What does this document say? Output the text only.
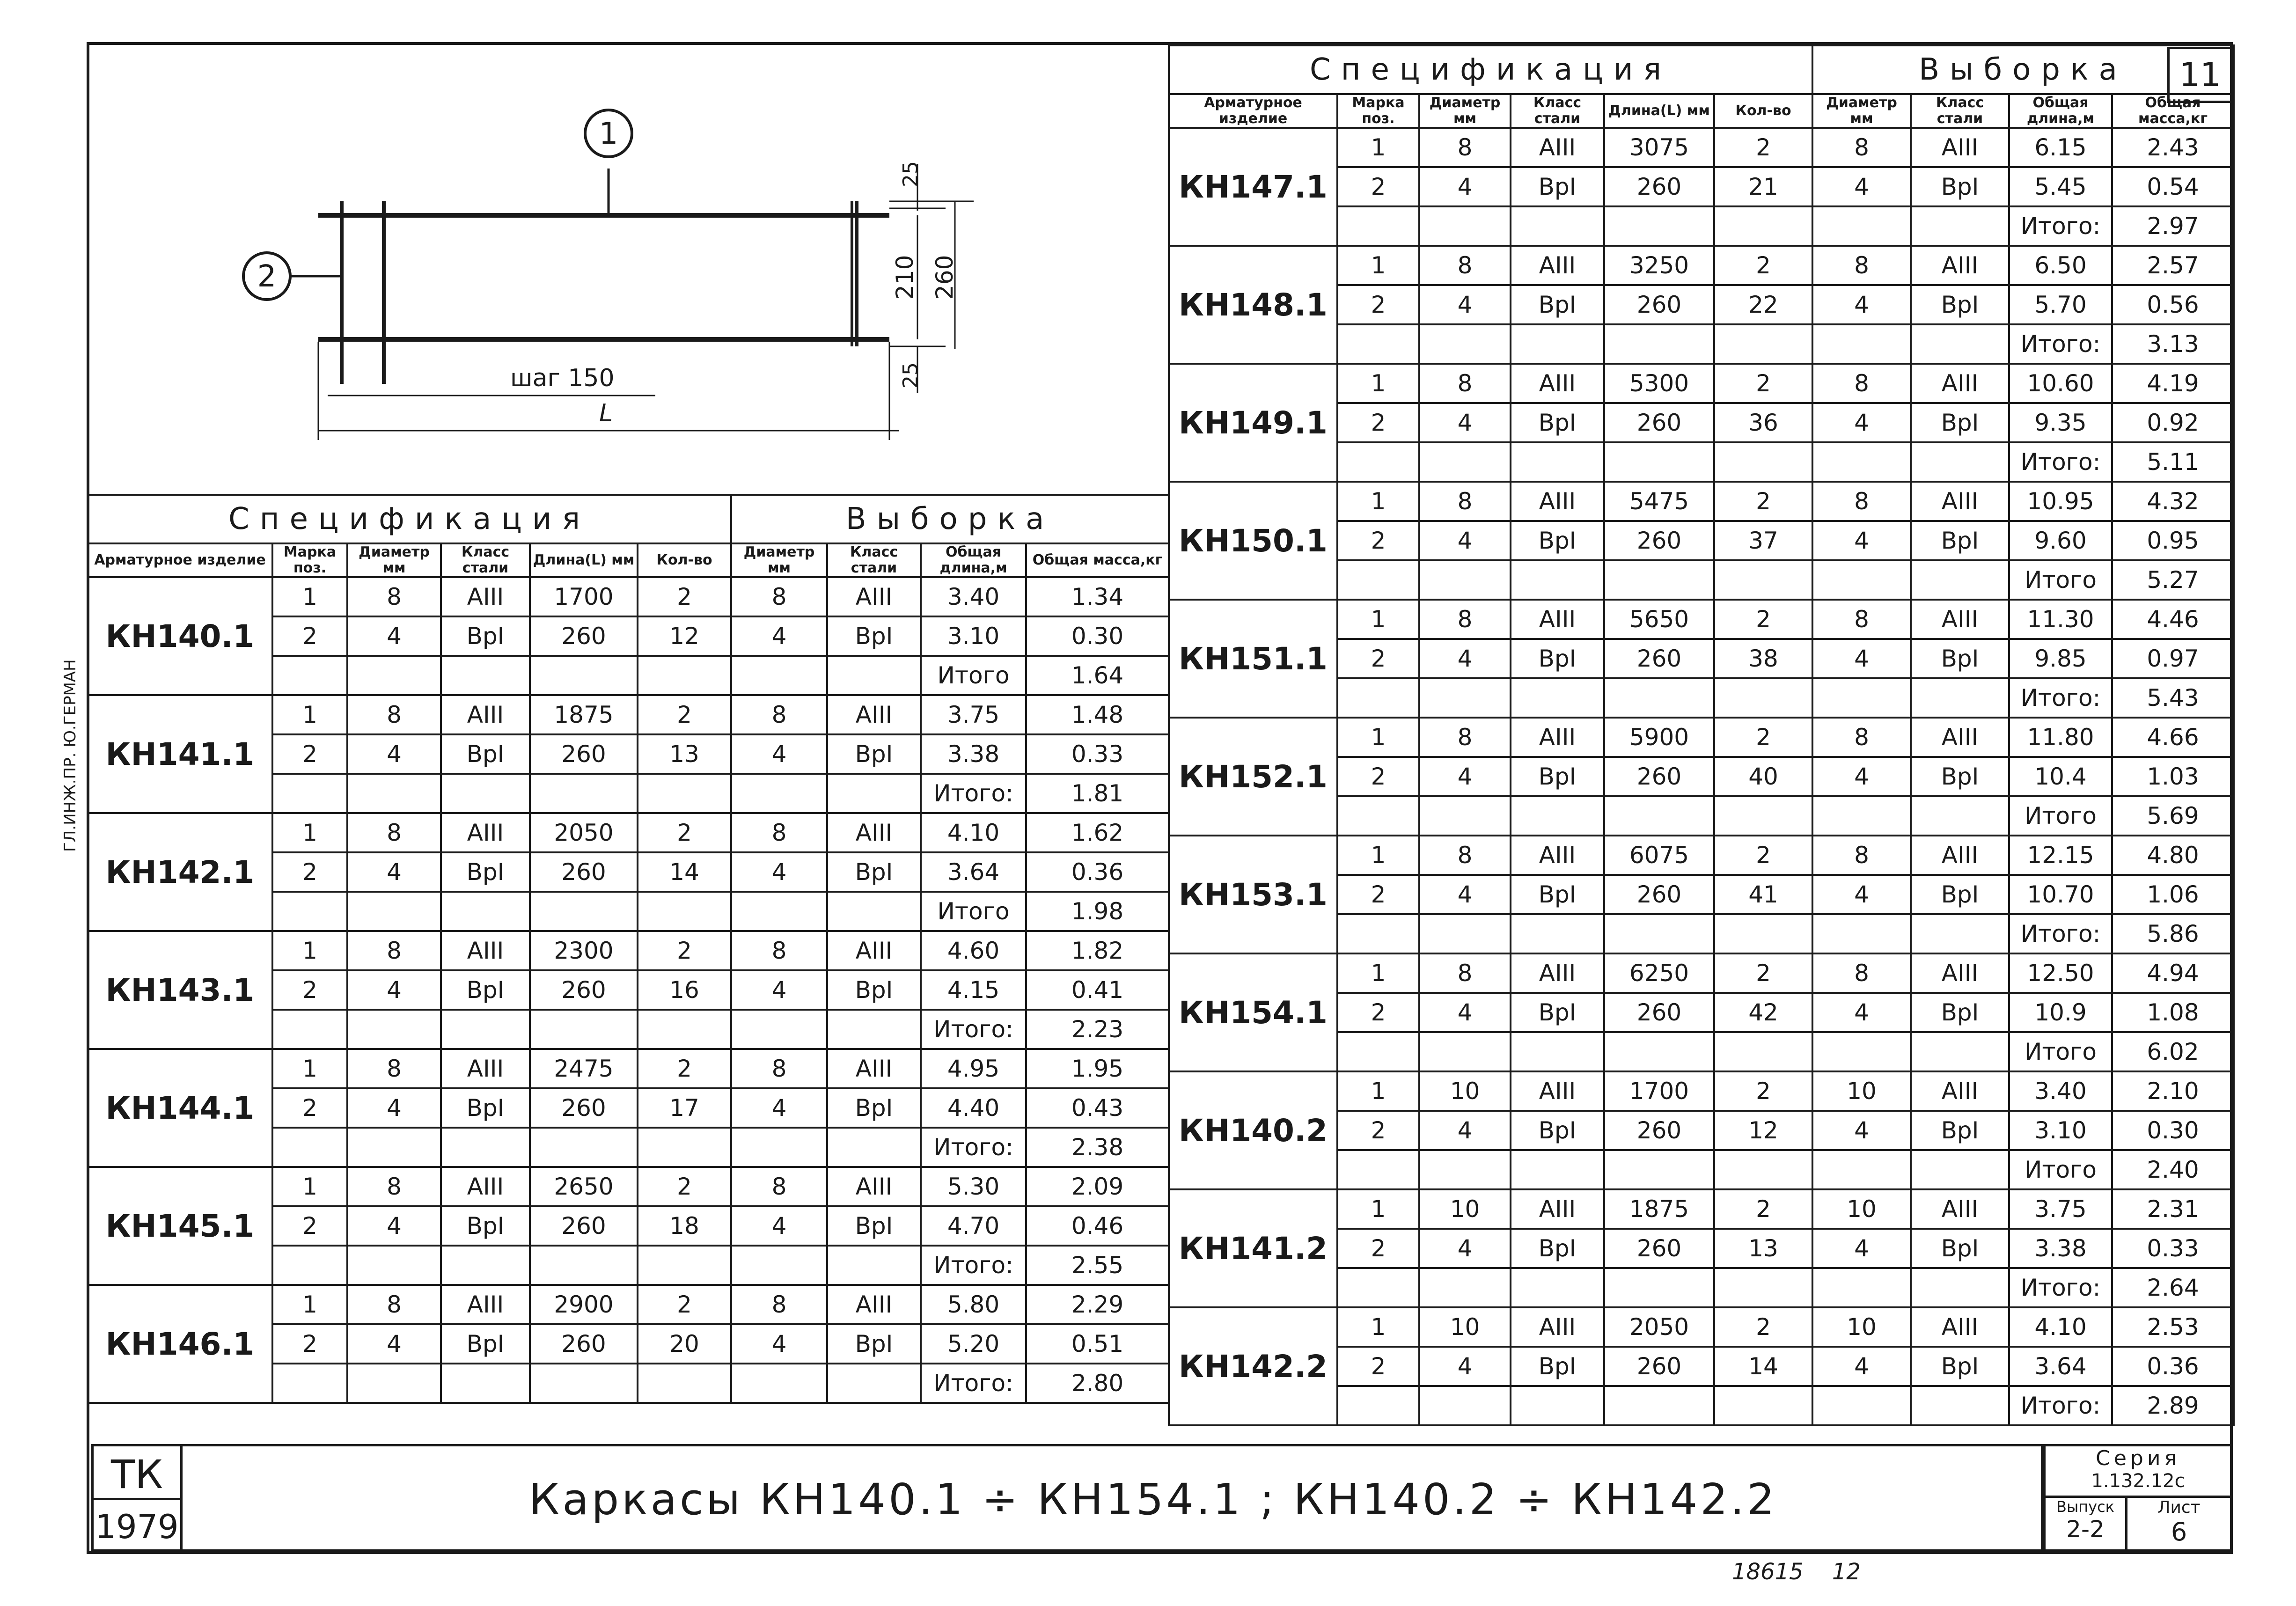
ГЛ.ИНЖ.ПР. Ю.ГЕРМАН
11
1
2
шаг 150
L
25
210 260
25
Спецификация						Выборка			
Арматурное изделие	Марка поз.	Диаметр мм	Класс стали	Длина(L) мм	Кол-во	Диаметр мм	Класс стали	Общая длина,м	Общая масса,кг
КН140.1	1	8	AIII	1700	2	8	AIII	3.40	1.34
	2	4	BpI	260	12	4	BpI	3.10	0.30
								Итого	1.64
КН141.1	1	8	AIII	1875	2	8	AIII	3.75	1.48
	2	4	BpI	260	13	4	BpI	3.38	0.33
								Итого:	1.81
КН142.1	1	8	AIII	2050	2	8	AIII	4.10	1.62
	2	4	BpI	260	14	4	BpI	3.64	0.36
								Итого	1.98
КН143.1	1	8	AIII	2300	2	8	AIII	4.60	1.82
	2	4	BpI	260	16	4	BpI	4.15	0.41
								Итого:	2.23
КН144.1	1	8	AIII	2475	2	8	AIII	4.95	1.95
	2	4	BpI	260	17	4	BpI	4.40	0.43
								Итого:	2.38
КН145.1	1	8	AIII	2650	2	8	AIII	5.30	2.09
	2	4	BpI	260	18	4	BpI	4.70	0.46
								Итого:	2.55
КН146.1	1	8	AIII	2900	2	8	AIII	5.80	2.29
	2	4	BpI	260	20	4	BpI	5.20	0.51
								Итого:	2.80
Спецификация						Выборка			
Арматурное изделие	Марка поз.	Диаметр мм	Класс стали	Длина(L) мм	Кол-во	Диаметр мм	Класс стали	Общая длина,м	Общая масса,кг
КН147.1	1	8	AIII	3075	2	8	AIII	6.15	2.43
	2	4	BpI	260	21	4	BpI	5.45	0.54
								Итого:	2.97
КН148.1	1	8	AIII	3250	2	8	AIII	6.50	2.57
	2	4	BpI	260	22	4	BpI	5.70	0.56
								Итого:	3.13
КН149.1	1	8	AIII	5300	2	8	AIII	10.60	4.19
	2	4	BpI	260	36	4	BpI	9.35	0.92
								Итого:	5.11
КН150.1	1	8	AIII	5475	2	8	AIII	10.95	4.32
	2	4	BpI	260	37	4	BpI	9.60	0.95
								Итого	5.27
КН151.1	1	8	AIII	5650	2	8	AIII	11.30	4.46
	2	4	BpI	260	38	4	BpI	9.85	0.97
								Итого:	5.43
КН152.1	1	8	AIII	5900	2	8	AIII	11.80	4.66
	2	4	BpI	260	40	4	BpI	10.4	1.03
								Итого	5.69
КН153.1	1	8	AIII	6075	2	8	AIII	12.15	4.80
	2	4	BpI	260	41	4	BpI	10.70	1.06
								Итого:	5.86
КН154.1	1	8	AIII	6250	2	8	AIII	12.50	4.94
	2	4	BpI	260	42	4	BpI	10.9	1.08
								Итого	6.02
КН140.2	1	10	AIII	1700	2	10	AIII	3.40	2.10
	2	4	BpI	260	12	4	BpI	3.10	0.30
								Итого	2.40
КН141.2	1	10	AIII	1875	2	10	AIII	3.75	2.31
	2	4	BpI	260	13	4	BpI	3.38	0.33
								Итого:	2.64
КН142.2	1	10	AIII	2050	2	10	AIII	4.10	2.53
	2	4	BpI	260	14	4	BpI	3.64	0.36
								Итого:	2.89
ТК
1979
Каркасы КН140.1 ÷ КН154.1 ; КН140.2 ÷ КН142.2
Серия
1.132.12c
Выпуск
2-2
Лист
6
18615    12
